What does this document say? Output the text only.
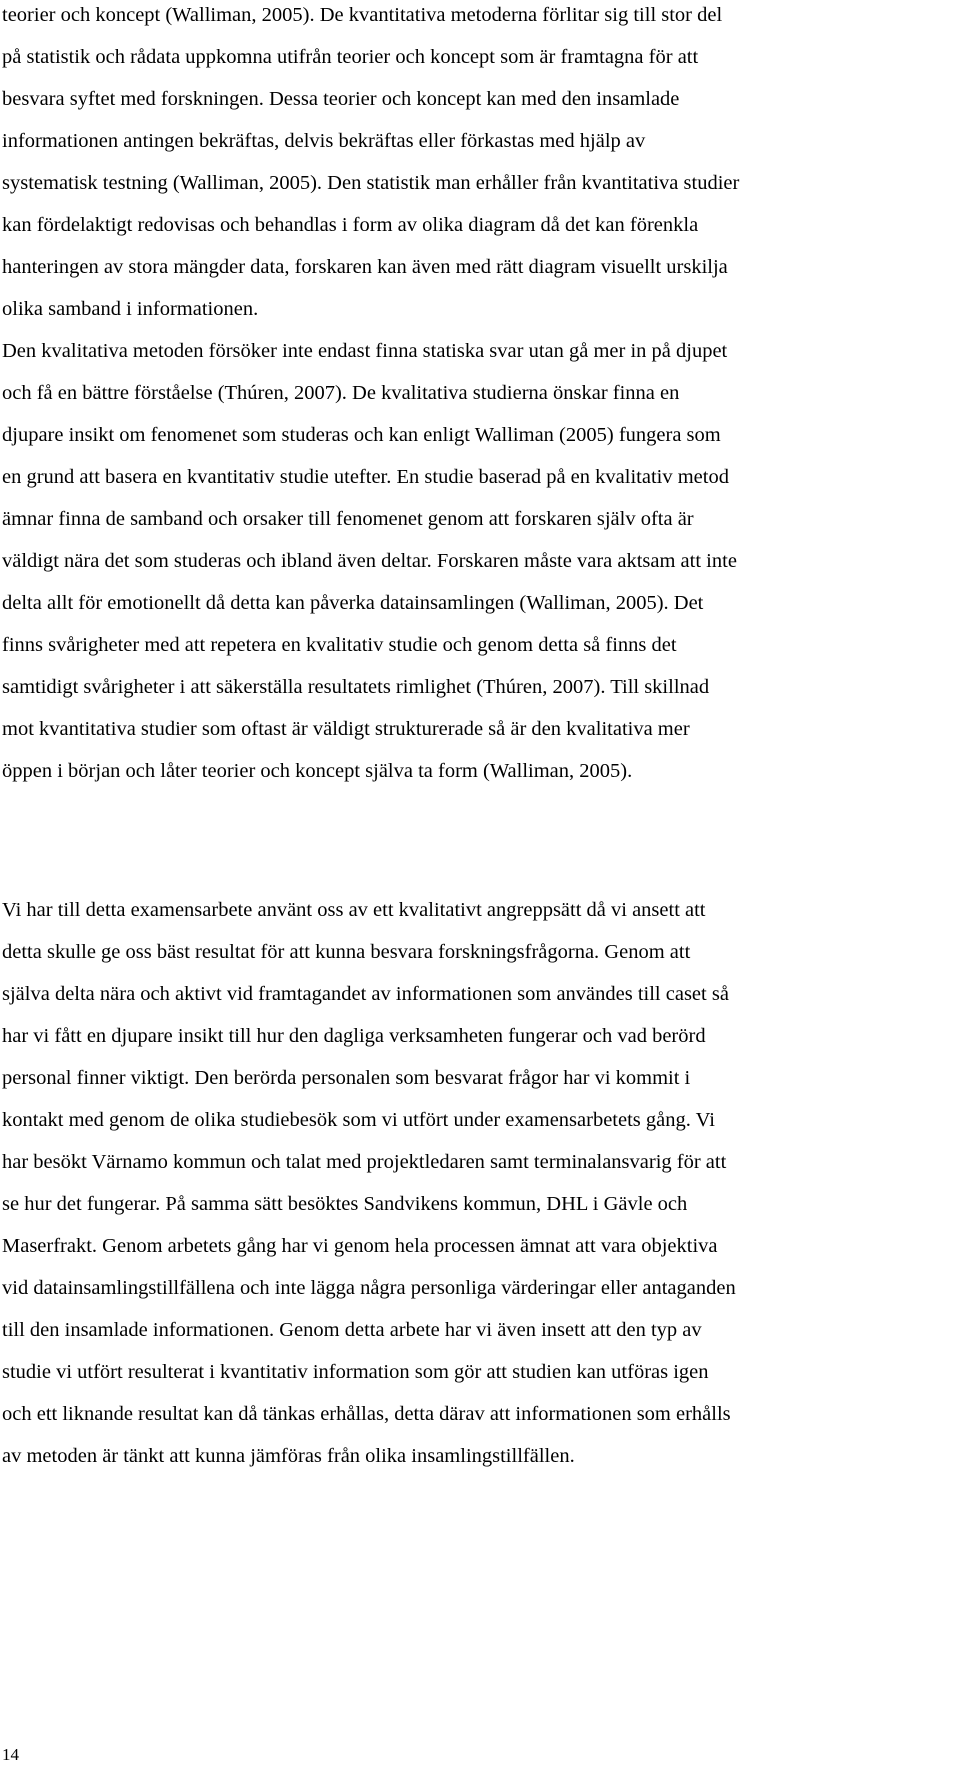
teorier och koncept (Walliman, 2005). De kvantitativa metoderna förlitar sig till stor del
på statistik och rådata uppkomna utifrån teorier och koncept som är framtagna för att
besvara syftet med forskningen. Dessa teorier och koncept kan med den insamlade
informationen antingen bekräftas, delvis bekräftas eller förkastas med hjälp av
systematisk testning (Walliman, 2005). Den statistik man erhåller från kvantitativa studier
kan fördelaktigt redovisas och behandlas i form av olika diagram då det kan förenkla
hanteringen av stora mängder data, forskaren kan även med rätt diagram visuellt urskilja
olika samband i informationen.
Den kvalitativa metoden försöker inte endast finna statiska svar utan gå mer in på djupet
och få en bättre förståelse (Thúren, 2007). De kvalitativa studierna önskar finna en
djupare insikt om fenomenet som studeras och kan enligt Walliman (2005) fungera som
en grund att basera en kvantitativ studie utefter. En studie baserad på en kvalitativ metod
ämnar finna de samband och orsaker till fenomenet genom att forskaren själv ofta är
väldigt nära det som studeras och ibland även deltar. Forskaren måste vara aktsam att inte
delta allt för emotionellt då detta kan påverka datainsamlingen (Walliman, 2005). Det
finns svårigheter med att repetera en kvalitativ studie och genom detta så finns det
samtidigt svårigheter i att säkerställa resultatets rimlighet (Thúren, 2007). Till skillnad
mot kvantitativa studier som oftast är väldigt strukturerade så är den kvalitativa mer
öppen i början och låter teorier och koncept själva ta form (Walliman, 2005).
Vi har till detta examensarbete använt oss av ett kvalitativt angreppsätt då vi ansett att
detta skulle ge oss bäst resultat för att kunna besvara forskningsfrågorna. Genom att
själva delta nära och aktivt vid framtagandet av informationen som användes till caset så
har vi fått en djupare insikt till hur den dagliga verksamheten fungerar och vad berörd
personal finner viktigt. Den berörda personalen som besvarat frågor har vi kommit i
kontakt med genom de olika studiebesök som vi utfört under examensarbetets gång. Vi
har besökt Värnamo kommun och talat med projektledaren samt terminalansvarig för att
se hur det fungerar. På samma sätt besöktes Sandvikens kommun, DHL i Gävle och
Maserfrakt. Genom arbetets gång har vi genom hela processen ämnat att vara objektiva
vid datainsamlingstillfällena och inte lägga några personliga värderingar eller antaganden
till den insamlade informationen. Genom detta arbete har vi även insett att den typ av
studie vi utfört resulterat i kvantitativ information som gör att studien kan utföras igen
och ett liknande resultat kan då tänkas erhållas, detta därav att informationen som erhålls
av metoden är tänkt att kunna jämföras från olika insamlingstillfällen.
14
